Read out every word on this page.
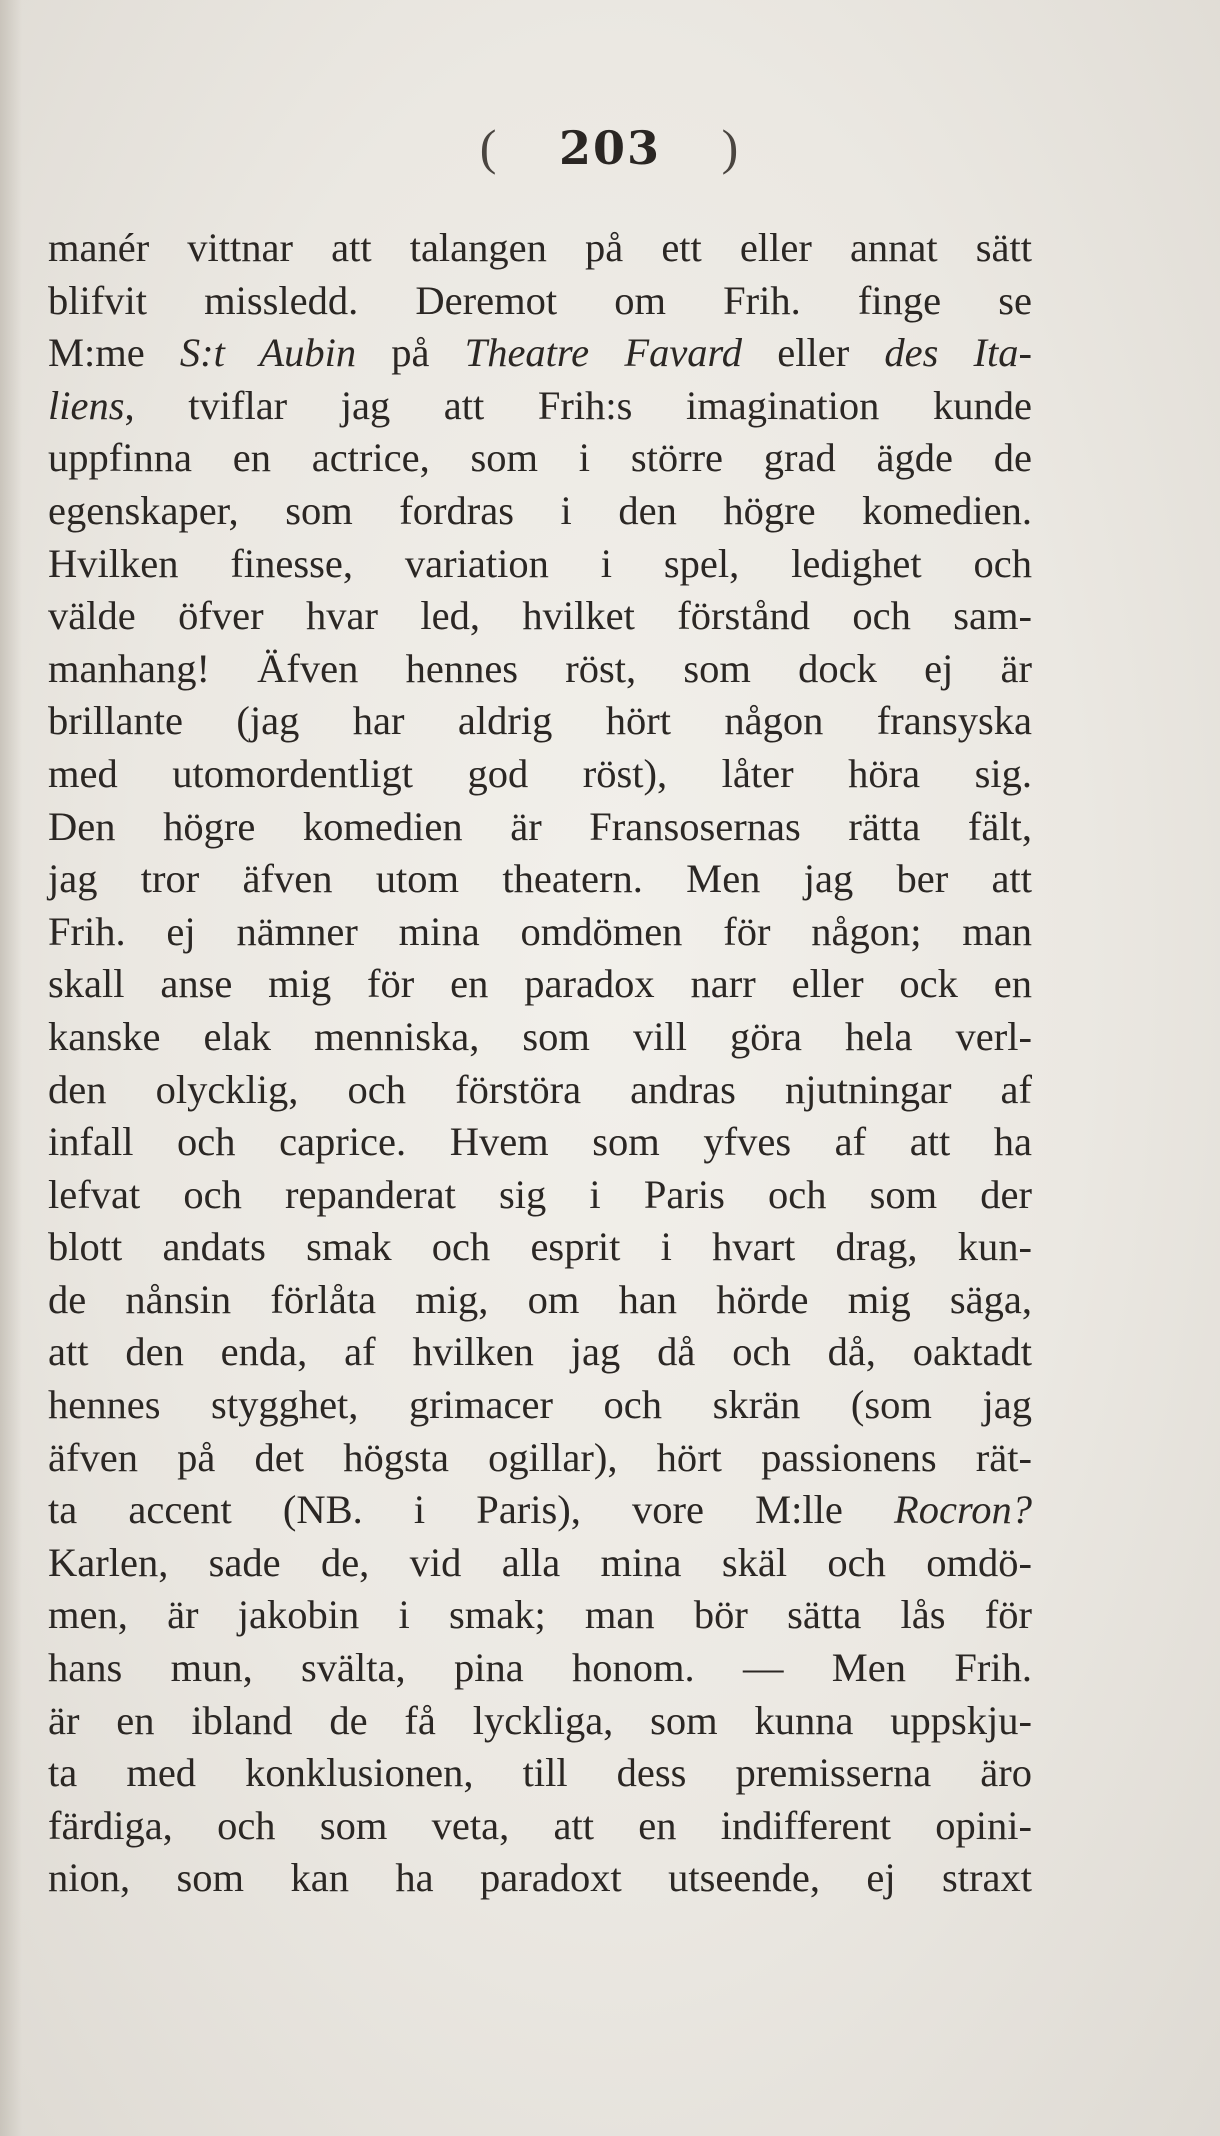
( 203 )
manér vittnar att talangen på ett eller annat sätt
blifvit missledd. Deremot om Frih. finge se
M:me S:t Aubin på Theatre Favard eller des Ita-
liens, tviflar jag att Frih:s imagination kunde
uppfinna en actrice, som i större grad ägde de
egenskaper, som fordras i den högre komedien.
Hvilken finesse, variation i spel, ledighet och
välde öfver hvar led, hvilket förstånd och sam-
manhang! Äfven hennes röst, som dock ej är
brillante (jag har aldrig hört någon fransyska
med utomordentligt god röst), låter höra sig.
Den högre komedien är Fransosernas rätta fält,
jag tror äfven utom theatern. Men jag ber att
Frih. ej nämner mina omdömen för någon; man
skall anse mig för en paradox narr eller ock en
kanske elak menniska, som vill göra hela verl-
den olycklig, och förstöra andras njutningar af
infall och caprice. Hvem som yfves af att ha
lefvat och repanderat sig i Paris och som der
blott andats smak och esprit i hvart drag, kun-
de nånsin förlåta mig, om han hörde mig säga,
att den enda, af hvilken jag då och då, oaktadt
hennes stygghet, grimacer och skrän (som jag
äfven på det högsta ogillar), hört passionens rät-
ta accent (NB. i Paris), vore M:lle Rocron?
Karlen, sade de, vid alla mina skäl och omdö-
men, är jakobin i smak; man bör sätta lås för
hans mun, svälta, pina honom. — Men Frih.
är en ibland de få lyckliga, som kunna uppskju-
ta med konklusionen, till dess premisserna äro
färdiga, och som veta, att en indifferent opini-
nion, som kan ha paradoxt utseende, ej straxt
